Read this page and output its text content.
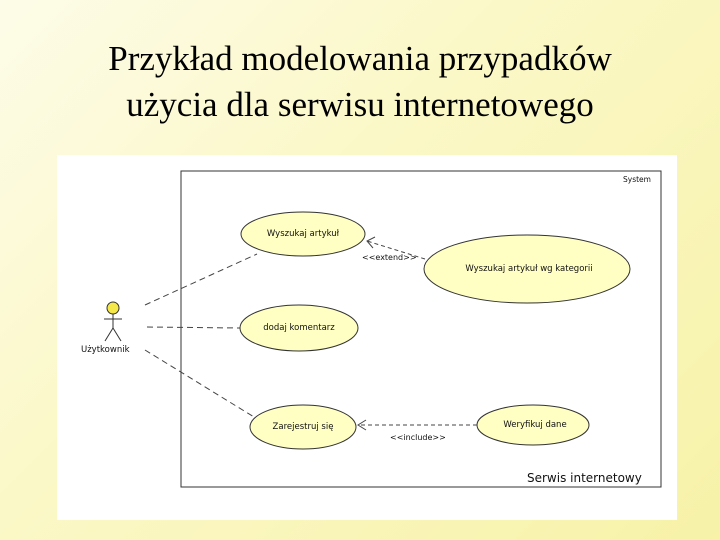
Przykład modelowania przypadków
użycia dla serwisu internetowego
System
Użytkownik
Wyszukaj artykuł
Wyszukaj artykuł wg kategorii
dodaj komentarz
Zarejestruj się	Weryfikuj dane
<<extend>>
<<include>>
Serwis internetowy
